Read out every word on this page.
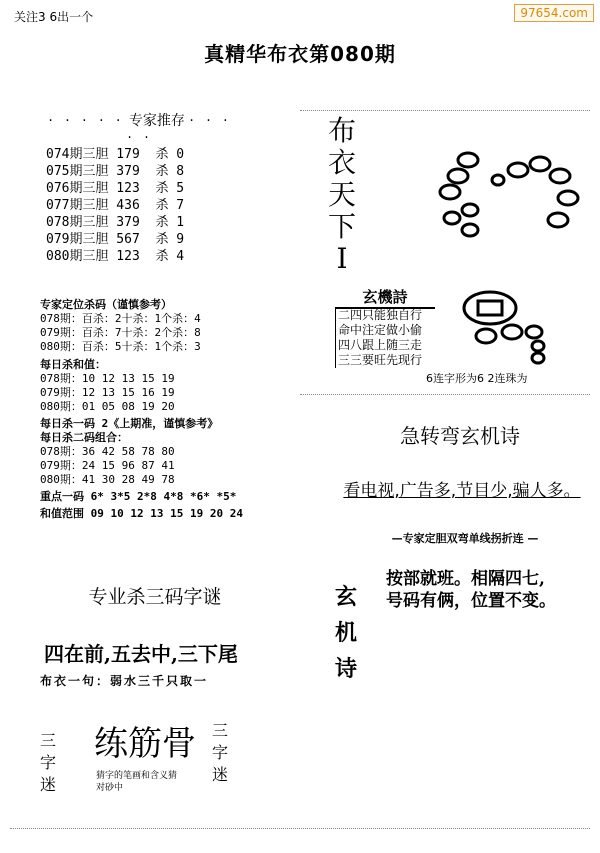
关注3 6出一个	97654.com
真精华布衣第080期
· · · · · 专家推存 · · · · ·
074期三胆 179  杀 0
075期三胆 379  杀 8
076期三胆 123  杀 5
077期三胆 436  杀 7
078期三胆 379  杀 1
079期三胆 567  杀 9
080期三胆 123  杀 4
专家定位杀码（谨慎参考）
078期：百杀：2十杀：1个杀：4
079期：百杀：7十杀：2个杀：8
080期：百杀：5十杀：1个杀：3
每日杀和值：
078期：10 12 13 15 19
079期：12 13 15 16 19
080期：01 05 08 19 20
每日杀一码 2《上期准，谨慎参考》
每日杀二码组合：
078期：36 42 58 78 80
079期：24 15 96 87 41
080期：41 30 28 49 78
重点一码 6* 3*5 2*8 4*8 *6* *5*
和值范围 09 10 12 13 15 19 20 24
布
衣
天
下
I
玄機詩
二四只能独自行
命中注定做小偷
四八跟上随三走
三三要旺先现行
6连字形为6 2连珠为
急转弯玄机诗
看电视,广告多,节目少,骗人多。
—专家定胆双弯单线拐折连 —
玄
机
诗
按部就班。相隔四七,
号码有俩，位置不变。
专业杀三码字谜
四在前,五去中,三下尾
布衣一句：弱水三千只取一
三
字
迷
练筋骨 三
字
迷
猜字的笔画和含义猜
对砂中
